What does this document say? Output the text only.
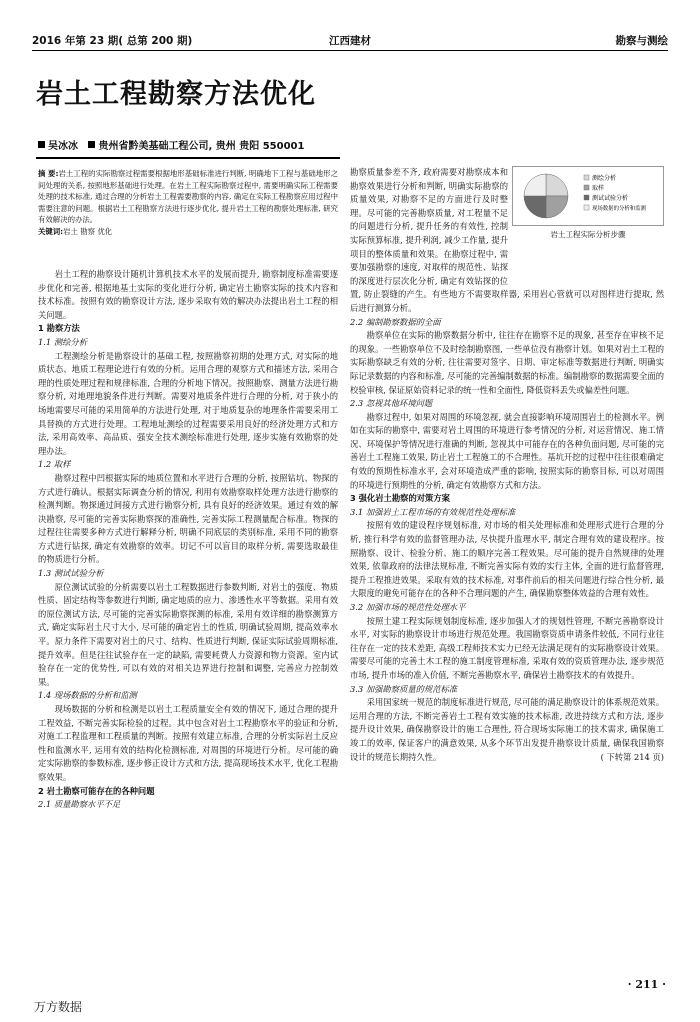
2016 年第 23 期( 总第 200 期)	江西建材	勘察与测绘
岩土工程勘察方法优化
吴冰冰 贵州省黔美基础工程公司, 贵州 贵阳 550001
摘 要:岩土工程的实际勘察过程需要根据地形基础标准进行判断, 明确地下工程与基础地形之间处理的关系, 按照地形基础进行处理。在岩土工程实际勘察过程中, 需要明确实际工程需要处理的技术标准, 通过合理的分析岩土工程需要勘察的内容, 确定在实际工程勘察应用过程中需要注意的问题。根据岩土工程勘察方法进行逐步优化, 提升岩土工程的勘察处理标准, 研究有效解决的办法。
关键词:岩土 勘察 优化

岩土工程的勘察设计随机计算机技术水平的发展而提升, 勘察制度标准需要逐步优化和完善, 根据地基土实际的变化进行分析, 确定岩土勘察实际的技术内容和技术标准。按照有效的勘察设计方法, 逐步采取有效的解决办法提出岩土工程的相关问题。

1 勘察方法
1.1 测绘分析

工程测绘分析是勘察设计的基础工程, 按照勘察初期的处理方式, 对实际的地质状态、地质工程理论进行有效的分析。运用合理的观察方式和描述方法, 采用合理的性质处理过程和规律标准, 合理的分析地下情况。按照勘察、测量方法进行勘察分析, 对地理地貌条件进行判断。需要对地质条件进行合理的分析, 对于狭小的场地需要尽可能的采用简单的方法进行处理, 对于地质复杂的地理条件需要采用工具替换的方式进行处理。工程地址测绘的过程需要采用良好的经济处理方式和方法, 采用高效率、高品质、强安全技术测绘标准进行处理, 逐步实施有效勘察的处理办法。

1.2 取样

勘察过程中凹根据实际的地质位置和水平进行合理的分析, 按照钻坑、物探的方式进行确认。根据实际调查分析的情况, 利用有效勘察取样处理方法进行勘察的检测判断。物探通过间接方式进行勘察分析, 具有良好的经济效果。通过有效的解决勘察, 尽可能的完善实际勘察探的准确性, 完善实际工程测量配合标准。物探的过程往往需要多种方式进行解释分析, 明确不同底层的类别标准, 采用不同的勘察方式进行钻探, 确定有效勘察的效率。切记不可以盲目的取样分析, 需要选取最佳的物质进行分析。

1.3 测试试验分析

原位测试试验的分析需要以岩土工程数据进行参数判断, 对岩土的强度、物质性质、固定结构等参数进行判断, 确定地质的应力、渗透性水平等数据。采用有效的原位测试方法, 尽可能的完善实际勘察探测的标准, 采用有效详细的勘察测算方式, 确定实际岩土尺寸大小, 尽可能的确定岩土的性质, 明确试验周期, 提高效率水平。原力条件下需要对岩土的尺寸、结构、性质进行判断, 保证实际试验周期标准, 提升效率。但是往往试验存在一定的缺陷, 需要耗费人力资源和物力资源。室内试验存在一定的优势性, 可以有效的对相关边界进行控制和调整, 完善应力控制效果。

1.4 现场数据的分析和监测

现场数据的分析和检测是以岩土工程质量安全有效的情况下, 通过合理的提升工程效益, 不断完善实际检验的过程。其中包含对岩土工程勘察水平的验证和分析, 对施工工程监理和工程质量的判断。按照有效建立标准, 合理的分析实际岩土反应性和监测水平, 运用有效的结构化检测标准, 对周围的环境进行分析。尽可能的确定实际勘察的参数标准, 逐步修正设计方式和方法, 提高现场技术水平, 优化工程勘察效果。

2 岩土勘察可能存在的各种问题
2.1 质量勘察水平不足

勘察质量参差不齐, 政府需要对勘察成本和勘察效果进行分析和判断, 明确实际勘察的质量效果, 对勘察不足的方面进行及时整理。尽可能的完善勘察质量, 对工程量不足的问题进行分析, 提升任务的有效性, 控制实际预算标准, 提升利润, 减少工作量, 提升项目的整体质量和效果。在勘察过程中, 需要加强勘察的速度, 对取样的规范性、钻探的深度进行层次化分析, 确定有效钻探的位置, 防止裂缝的产生。有些地方不需要取样器, 采用岩心管就可以对图样进行提取, 然后进行测算分析。

2.2 编制勘察数据的全面

勘察单位在实际的勘察数据分析中, 往往存在勘察不足的现象, 甚至存在审核不足的现象。一些勘察单位不及时绘制勘察图, 一些单位没有勘察计划。如果对岩土工程的实际勘察缺乏有效的分析, 往往需要对签字、日期、审定标准等数据进行判断, 明确实际记录数据的内容和标准, 尽可能的完善编制数据的标准。编制勘察的数据需要全面的校验审核, 保证原始资料记录的统一性和全面性, 降低资料丢失或偏差性问题。

2.3 忽视其他环境问题

勘察过程中, 如果对周围的环境忽视, 就会直接影响环境周围岩土的检测水平。例如在实际的勘察中, 需要对岩土周围的环境进行参考情况的分析, 对运营情况、施工情况、环境保护等情况进行准确的判断, 忽视其中可能存在的各种负面问题, 尽可能的完善岩土工程施工效果, 防止岩土工程施工的不合理性。基坑开挖的过程中往往很难确定有效的预期性标准水平, 会对环境造成严重的影响, 按照实际的勘察目标, 可以对周围的环境进行预期性的分析, 确定有效勘察方式和方法。

3 强化岩土勘察的对策方案
3.1 加强岩土工程市场的有效规范性处理标准

按照有效的建设程序规划标准, 对市场的相关处理标准和处理形式进行合理的分析, 推行科学有效的监督管理办法, 尽快提升监理水平, 制定合理有效的建设程序。按照勘察、设计、检验分析、施工的顺序完善工程效果。尽可能的提升自然规律的处理效果, 依靠政府的法律法规标准, 不断完善实际有效的实行主体, 全面的进行监督管理, 提升工程推进效果。采取有效的技术标准, 对事件前后的相关问题进行综合性分析, 最大限度的避免可能存在的各种不合理问题的产生, 确保勘察整体效益的合理有效性。

3.2 加强市场的规范性处理水平

按照土建工程实际规划制度标准, 逐步加强人才的规划性管理, 不断完善勘察设计水平, 对实际的勘察设计市场进行规范处理。我国勘察资质申请条件较低, 不同行业往往存在一定的技术差距, 高级工程师技术实力已经无法满足现有的实际勘察设计效果。需要尽可能的完善土木工程的施工制度管理标准, 采取有效的资质管理办法, 逐步规范市场, 提升市场的准入价值, 不断完善勘察水平, 确保岩土勘察技术的有效提升。

3.3 加强勘察质量的规范标准

采用国家统一规范的制度标准进行规范, 尽可能的满足勘察设计的体系规范效果。运用合理的方法, 不断完善岩土工程有效实施的技术标准, 改进持续方式和方法, 逐步提升设计效果, 确保勘察设计的施工合理性, 符合现场实际施工的技术需求, 确保施工竣工的效率, 保证客户的满意效果, 从多个环节出发提升勘察设计质量, 确保我国勘察设计的规范长期持久性。	( 下转第 214 页)

测绘分析
取样
测试试验分析
现场数据的分析和监测
岩土工程实际分析步骤
· 211 ·
万方数据
